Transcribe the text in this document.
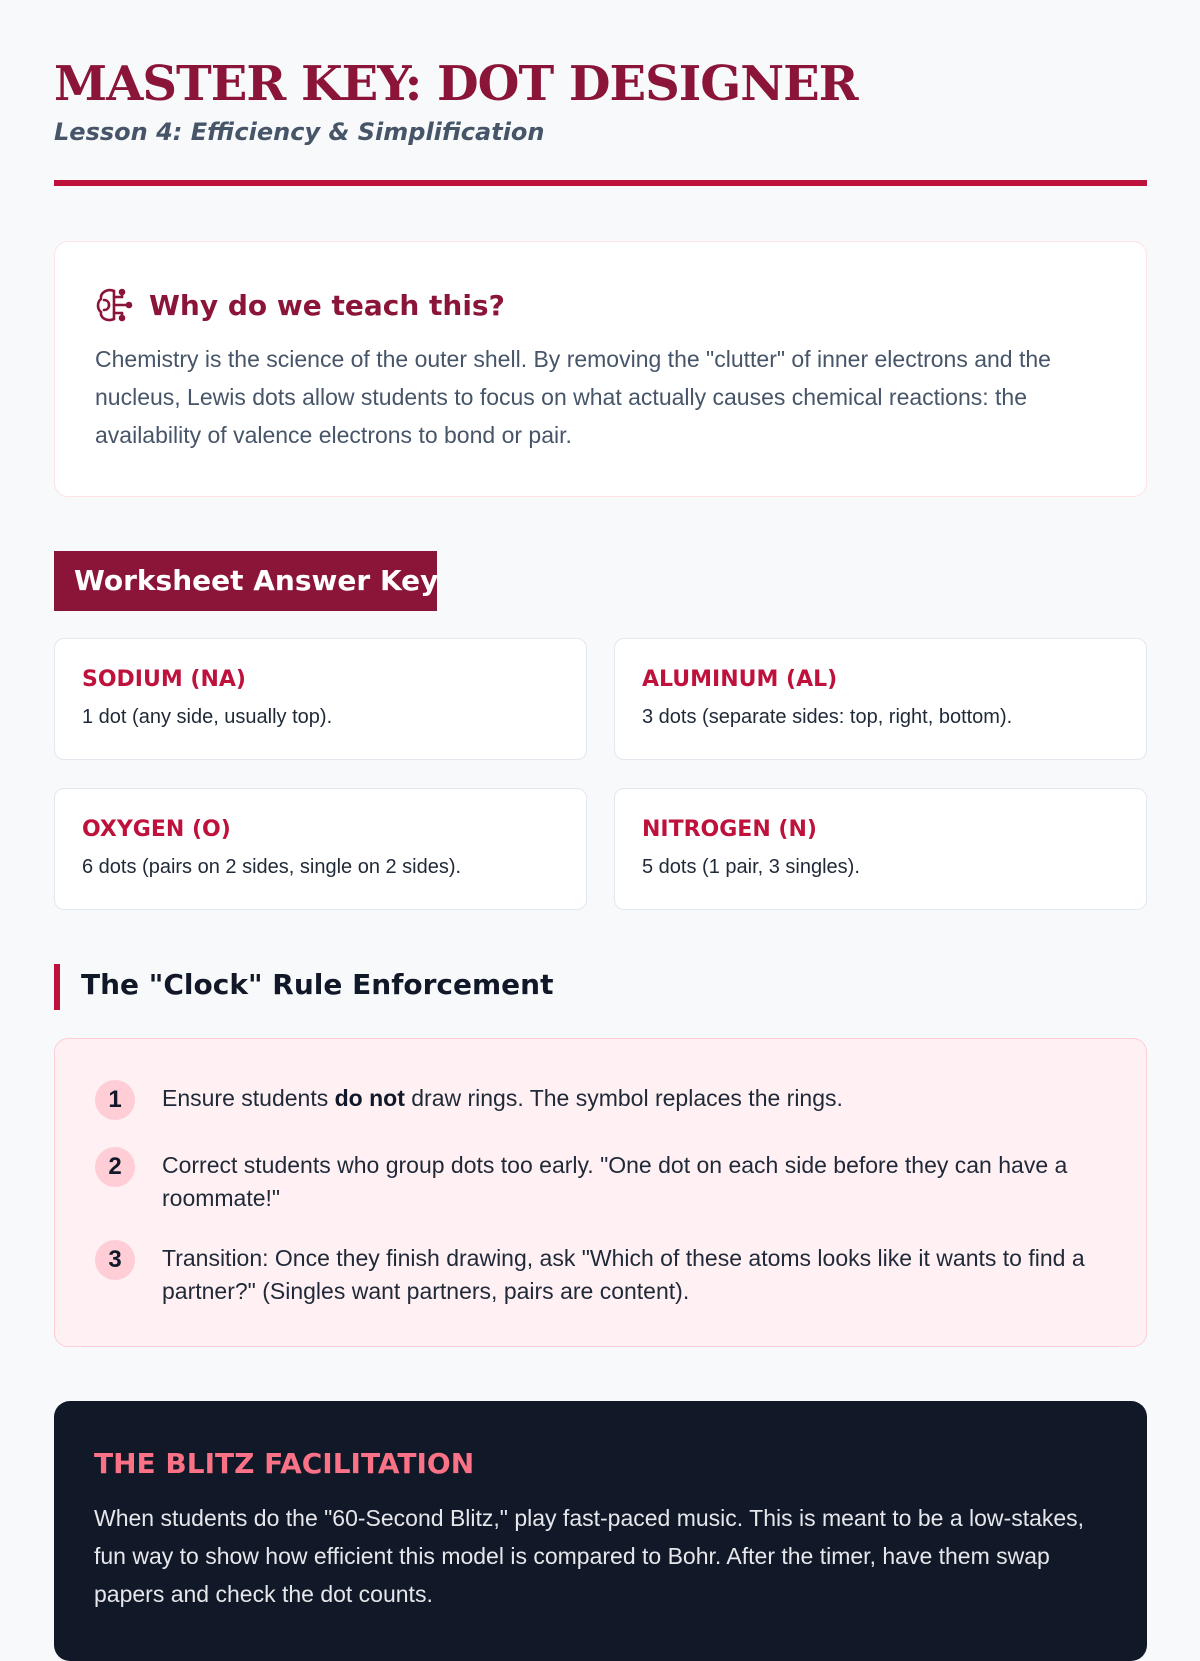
MASTER KEY: DOT DESIGNER
Lesson 4: Efficiency & Simplification
Why do we teach this?

Chemistry is the science of the outer shell. By removing the "clutter" of inner electrons and the nucleus, Lewis dots allow students to focus on what actually causes chemical reactions: the availability of valence electrons to bond or pair.

Worksheet Answer Key
SODIUM (NA)
1 dot (any side, usually top).
ALUMINUM (AL)
3 dots (separate sides: top, right, bottom).
OXYGEN (O)
6 dots (pairs on 2 sides, single on 2 sides).
NITROGEN (N)
5 dots (1 pair, 3 singles).
The "Clock" Rule Enforcement
1	Ensure students do not draw rings. The symbol replaces the rings.
2	Correct students who group dots too early. "One dot on each side before they can have a roommate!"
3	Transition: Once they finish drawing, ask "Which of these atoms looks like it wants to find a partner?" (Singles want partners, pairs are content).
THE BLITZ FACILITATION

When students do the "60-Second Blitz," play fast-paced music. This is meant to be a low-stakes, fun way to show how efficient this model is compared to Bohr. After the timer, have them swap papers and check the dot counts.
